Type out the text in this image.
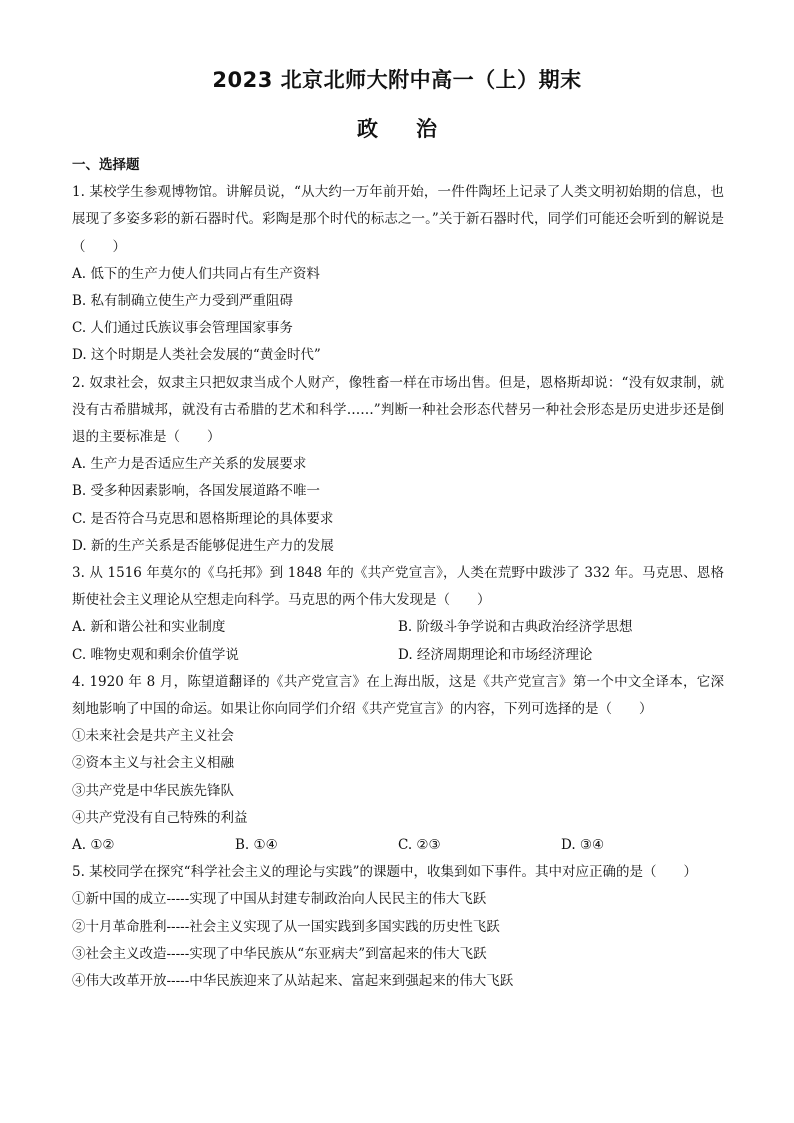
2023 北京北师大附中高一（上）期末
政治
一、选择题
1. 某校学生参观博物馆。讲解员说，“从大约一万年前开始，一件件陶坯上记录了人类文明初始期的信息，也展现了多姿多彩的新石器时代。彩陶是那个时代的标志之一。”关于新石器时代，同学们可能还会听到的解说是（　　）
A. 低下的生产力使人们共同占有生产资料
B. 私有制确立使生产力受到严重阻碍
C. 人们通过氏族议事会管理国家事务
D. 这个时期是人类社会发展的“黄金时代”
2. 奴隶社会，奴隶主只把奴隶当成个人财产，像牲畜一样在市场出售。但是，恩格斯却说：“没有奴隶制，就没有古希腊城邦，就没有古希腊的艺术和科学……”判断一种社会形态代替另一种社会形态是历史进步还是倒退的主要标准是（　　）
A. 生产力是否适应生产关系的发展要求
B. 受多种因素影响，各国发展道路不唯一
C. 是否符合马克思和恩格斯理论的具体要求
D. 新的生产关系是否能够促进生产力的发展
3. 从 1516 年莫尔的《乌托邦》到 1848 年的《共产党宣言》，人类在荒野中跋涉了 332 年。马克思、恩格斯使社会主义理论从空想走向科学。马克思的两个伟大发现是（　　）
A. 新和谐公社和实业制度	B. 阶级斗争学说和古典政治经济学思想
C. 唯物史观和剩余价值学说	D. 经济周期理论和市场经济理论
4. 1920 年 8 月，陈望道翻译的《共产党宣言》在上海出版，这是《共产党宣言》第一个中文全译本，它深刻地影响了中国的命运。如果让你向同学们介绍《共产党宣言》的内容，下列可选择的是（　　）
①未来社会是共产主义社会
②资本主义与社会主义相融
③共产党是中华民族先锋队
④共产党没有自己特殊的利益
A. ①②	B. ①④	C. ②③	D. ③④
5. 某校同学在探究“科学社会主义的理论与实践”的课题中，收集到如下事件。其中对应正确的是（　　）
①新中国的成立-----实现了中国从封建专制政治向人民民主的伟大飞跃
②十月革命胜利-----社会主义实现了从一国实践到多国实践的历史性飞跃
③社会主义改造-----实现了中华民族从“东亚病夫”到富起来的伟大飞跃
④伟大改革开放-----中华民族迎来了从站起来、富起来到强起来的伟大飞跃
